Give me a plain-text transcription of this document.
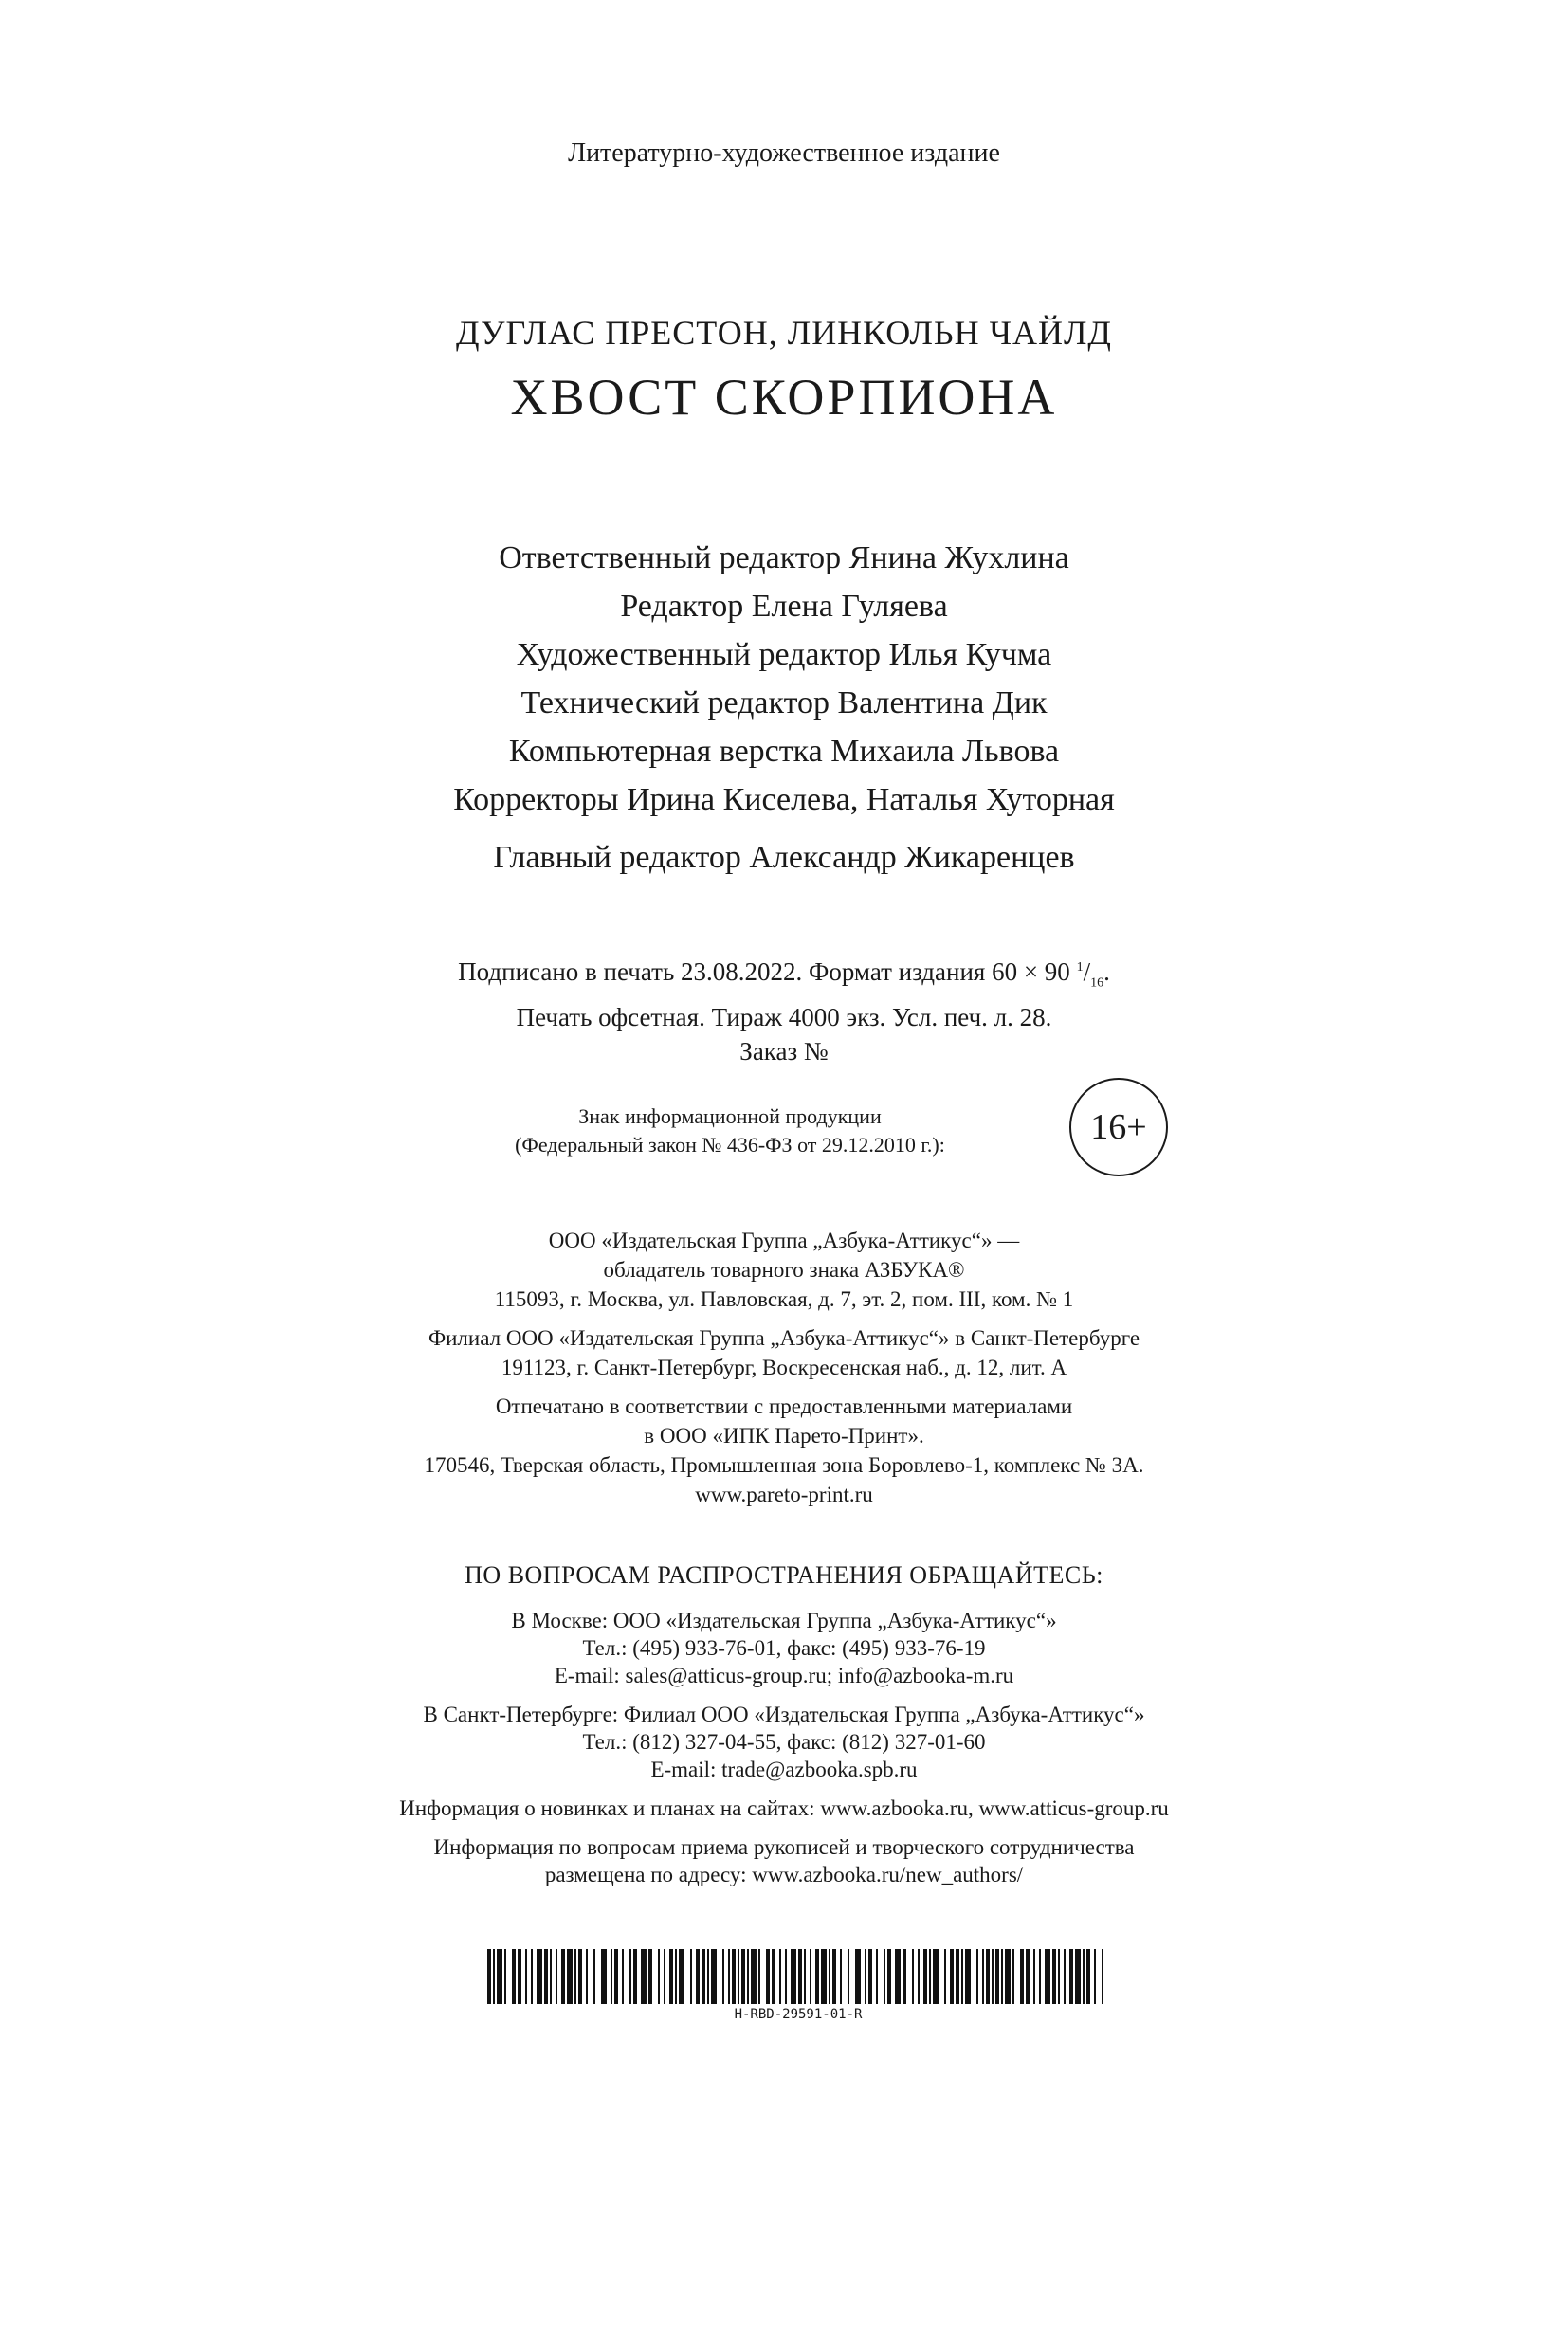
Литературно-художественное издание
ДУГЛАС ПРЕСТОН, ЛИНКОЛЬН ЧАЙЛД
ХВОСТ СКОРПИОНА
Ответственный редактор Янина Жухлина
Редактор Елена Гуляева
Художественный редактор Илья Кучма
Технический редактор Валентина Дик
Компьютерная верстка Михаила Львова
Корректоры Ирина Киселева, Наталья Хуторная
Главный редактор Александр Жикаренцев
Подписано в печать 23.08.2022. Формат издания 60 × 90 $^1/_{16}$.
Печать офсетная. Тираж 4000 экз. Усл. печ. л. 28.
Заказ №
Знак информационной продукции
(Федеральный закон № 436-ФЗ от 29.12.2010 г.):	16+
ООО «Издательская Группа „Азбука-Аттикус“» —
обладатель товарного знака АЗБУКА®
115093, г. Москва, ул. Павловская, д. 7, эт. 2, пом. III, ком. № 1
Филиал ООО «Издательская Группа „Азбука-Аттикус“» в Санкт-Петербурге
191123, г. Санкт-Петербург, Воскресенская наб., д. 12, лит. А
Отпечатано в соответствии с предоставленными материалами
в ООО «ИПК Парето-Принт».
170546, Тверская область, Промышленная зона Боровлево-1, комплекс № 3А.
www.pareto-print.ru
ПО ВОПРОСАМ РАСПРОСТРАНЕНИЯ ОБРАЩАЙТЕСЬ:
В Москве: ООО «Издательская Группа „Азбука-Аттикус“»
Тел.: (495) 933-76-01, факс: (495) 933-76-19
E-mail: sales@atticus-group.ru; info@azbooka-m.ru
В Санкт-Петербурге: Филиал ООО «Издательская Группа „Азбука-Аттикус“»
Тел.: (812) 327-04-55, факс: (812) 327-01-60
E-mail: trade@azbooka.spb.ru
Информация о новинках и планах на сайтах: www.azbooka.ru, www.atticus-group.ru
Информация по вопросам приема рукописей и творческого сотрудничества
размещена по адресу: www.azbooka.ru/new_authors/
H-RBD-29591-01-R
